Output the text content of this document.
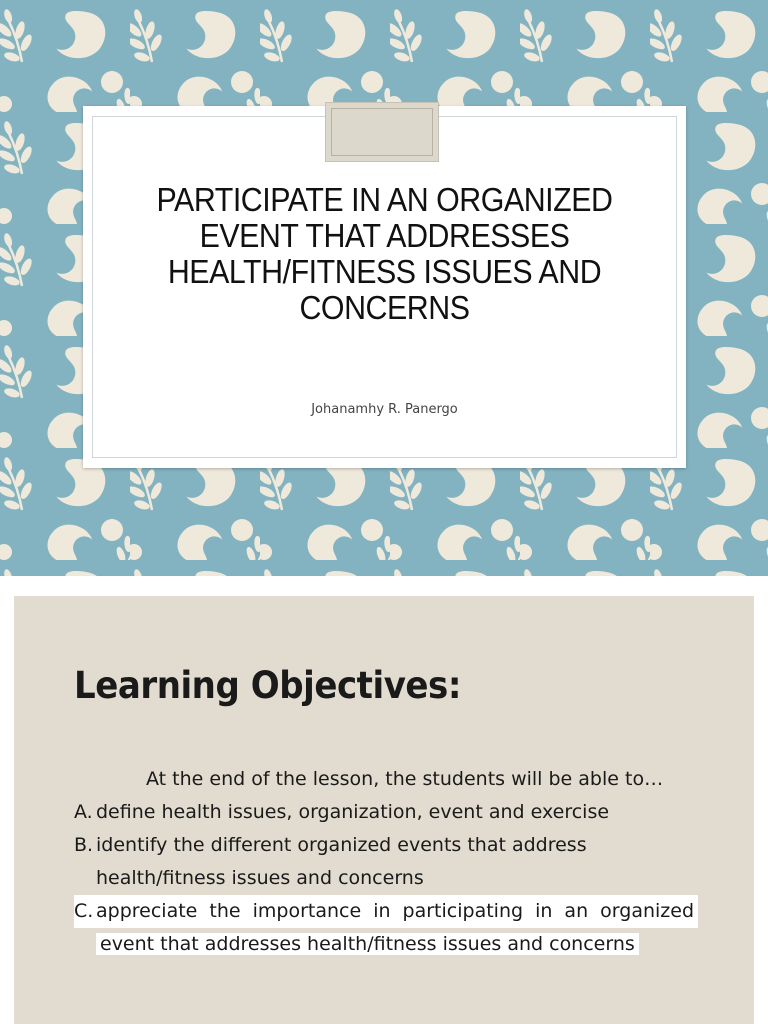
PARTICIPATE IN AN ORGANIZED EVENT THAT ADDRESSES HEALTH/FITNESS ISSUES AND CONCERNS
Johanamhy R. Panergo
Learning Objectives:
At the end of the lesson, the students will be able to…
A. define health issues, organization, event and exercise
B. identify the different organized events that address
health/fitness issues and concerns
C. appreciate the importance in participating in an organized
event that addresses health/fitness issues and concerns
